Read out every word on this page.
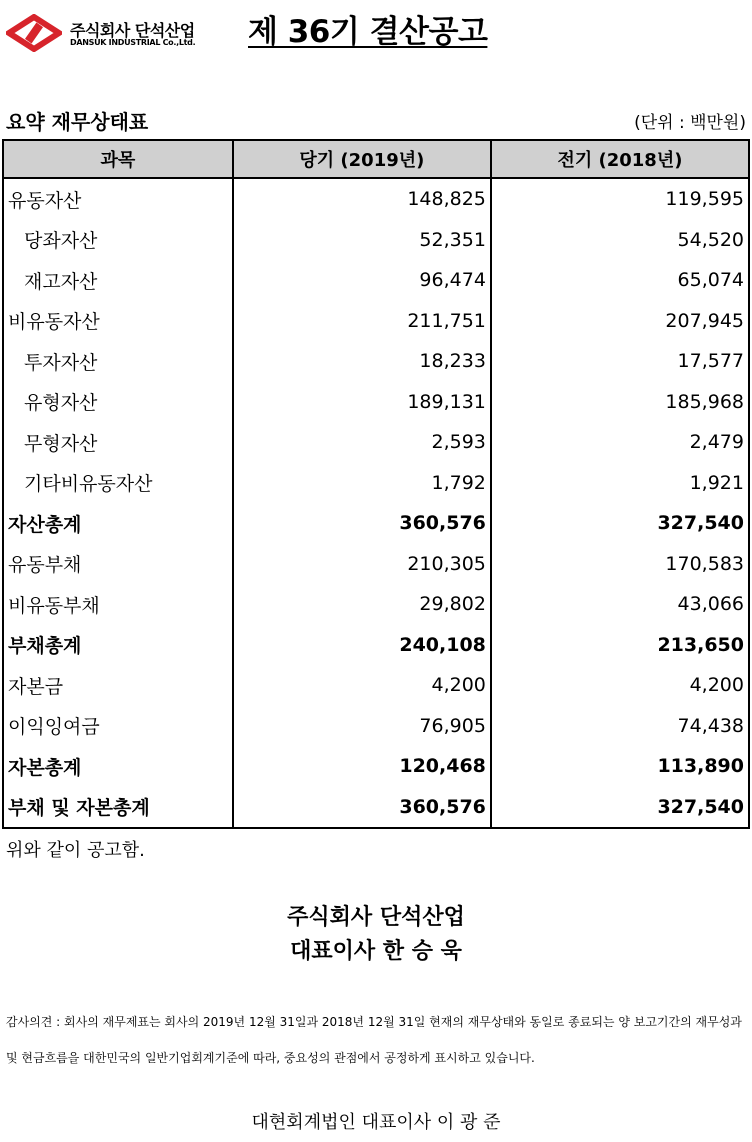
주식회사 단석산업
DANSUK INDUSTRIAL Co.,Ltd. 제 36기 결산공고
요약 재무상태표	(단위 : 백만원)
과목	당기 (2019년)	전기 (2018년)
유동자산	148,825	119,595
당좌자산	52,351	54,520
재고자산	96,474	65,074
비유동자산	211,751	207,945
투자자산	18,233	17,577
유형자산	189,131	185,968
무형자산	2,593	2,479
기타비유동자산	1,792	1,921
자산총계	360,576	327,540
유동부채	210,305	170,583
비유동부채	29,802	43,066
부채총계	240,108	213,650
자본금	4,200	4,200
이익잉여금	76,905	74,438
자본총계	120,468	113,890
부채 및 자본총계	360,576	327,540
위와 같이 공고함.
주식회사 단석산업
대표이사 한 승 욱
감사의견 : 회사의 재무제표는 회사의 2019년 12월 31일과 2018년 12월 31일 현재의 재무상태와 동일로 종료되는 양 보고기간의 재무성과 및 현금흐름을 대한민국의 일반기업회계기준에 따라, 중요성의 관점에서 공정하게 표시하고 있습니다.
대현회계법인 대표이사 이 광 준
